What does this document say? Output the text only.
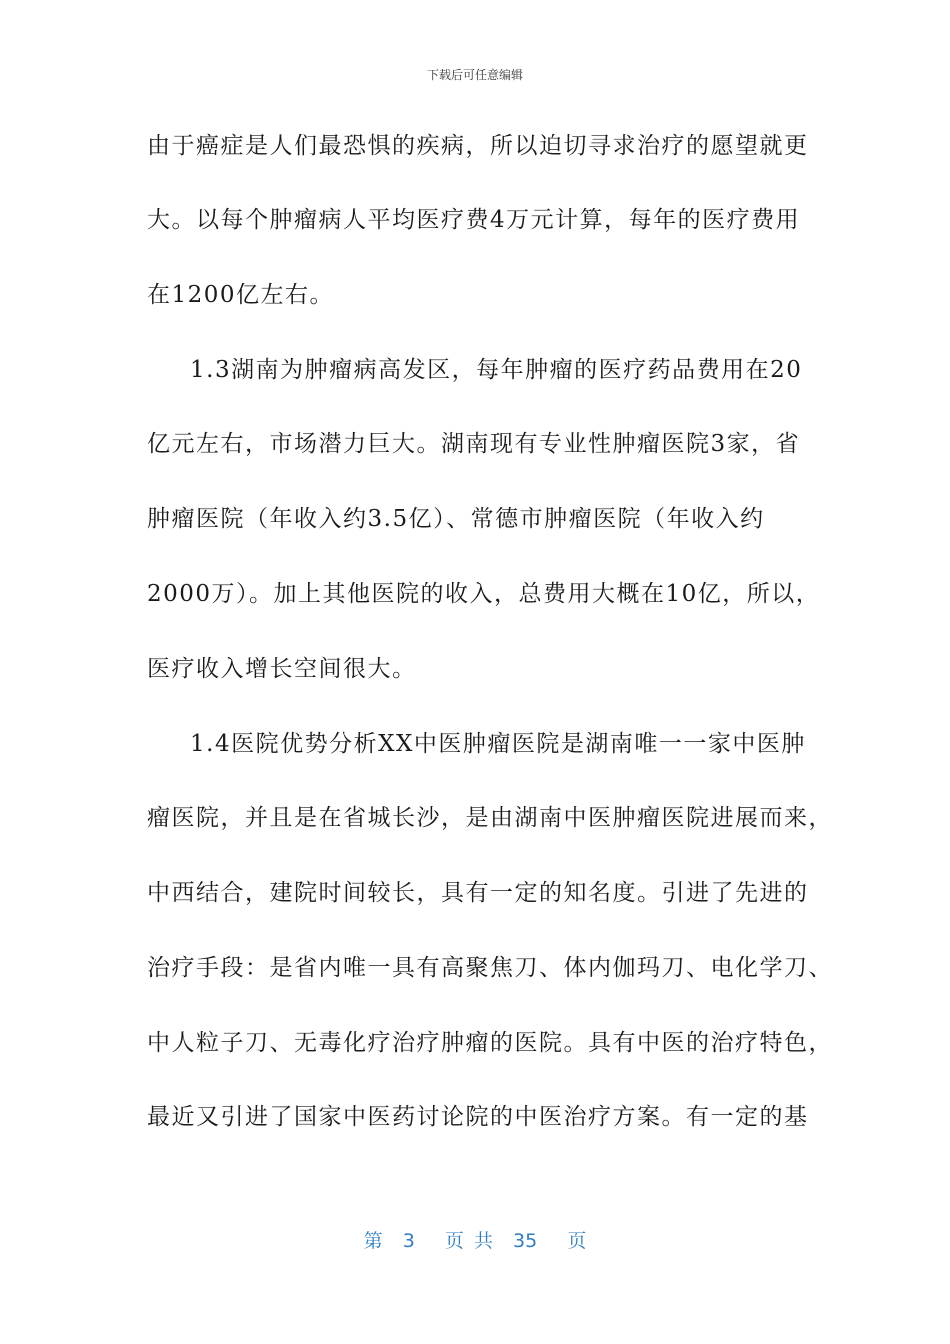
下载后可任意编辑
由于癌症是人们最恐惧的疾病，所以迫切寻求治疗的愿望就更
大。以每个肿瘤病人平均医疗费4万元计算，每年的医疗费用
在1200亿左右。
1.3湖南为肿瘤病高发区，每年肿瘤的医疗药品费用在20
亿元左右，市场潜力巨大。湖南现有专业性肿瘤医院3家，省
肿瘤医院（年收入约3.5亿）、常德市肿瘤医院（年收入约
2000万）。加上其他医院的收入，总费用大概在10亿，所以，
医疗收入增长空间很大。
1.4医院优势分析XX中医肿瘤医院是湖南唯一一家中医肿
瘤医院，并且是在省城长沙，是由湖南中医肿瘤医院进展而来，
中西结合，建院时间较长，具有一定的知名度。引进了先进的
治疗手段：是省内唯一具有高聚焦刀、体内伽玛刀、电化学刀、
中人粒子刀、无毒化疗治疗肿瘤的医院。具有中医的治疗特色，
最近又引进了国家中医药讨论院的中医治疗方案。有一定的基
第  3   页 共  35   页
